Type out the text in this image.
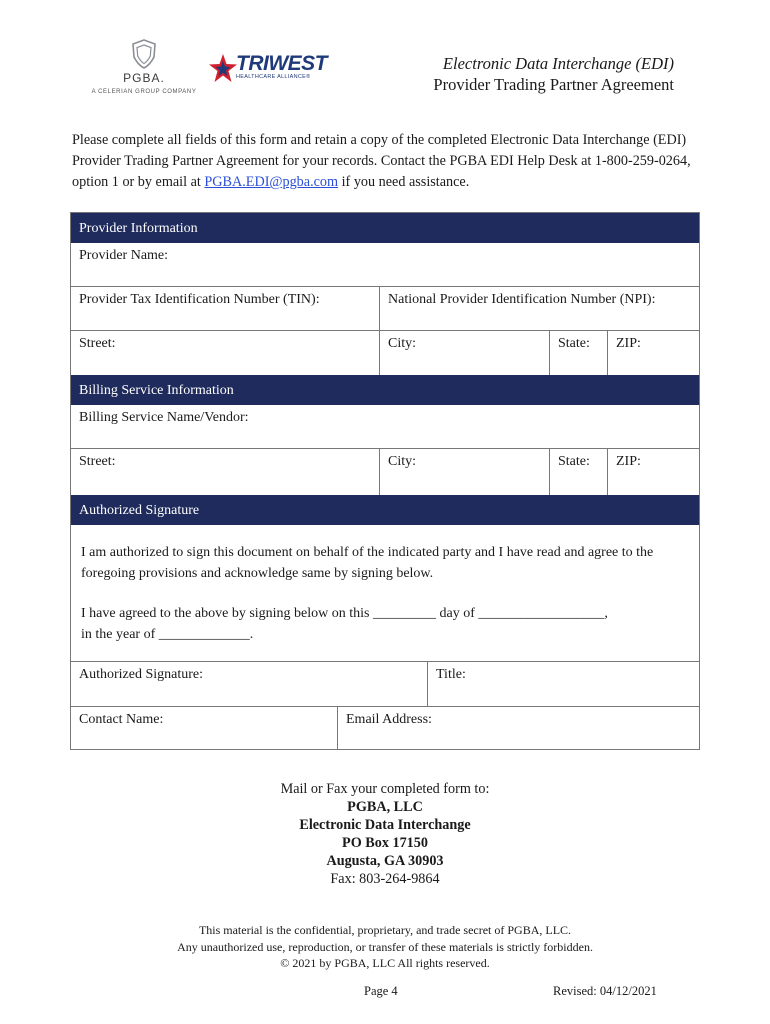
PGBA.
A CELERIAN GROUP COMPANY
TRIWEST
HEALTHCARE ALLIANCE®
Electronic Data Interchange (EDI)
Provider Trading Partner Agreement
Please complete all fields of this form and retain a copy of the completed Electronic Data Interchange (EDI) Provider Trading Partner Agreement for your records. Contact the PGBA EDI Help Desk at 1-800-259-0264, option 1 or by email at PGBA.EDI@pgba.com if you need assistance.
Provider Information
Provider Name:
Provider Tax Identification Number (TIN):	National Provider Identification Number (NPI):
Street:	City:	State:	ZIP:
Billing Service Information
Billing Service Name/Vendor:
Street:	City:	State:	ZIP:
Authorized Signature

I am authorized to sign this document on behalf of the indicated party and I have read and agree to the foregoing provisions and acknowledge same by signing below.

I have agreed to the above by signing below on this _________ day of __________________,
in the year of _____________.

Authorized Signature:	Title:
Contact Name:	Email Address:
Mail or Fax your completed form to:
PGBA, LLC
Electronic Data Interchange
PO Box 17150
Augusta, GA 30903
Fax: 803-264-9864
This material is the confidential, proprietary, and trade secret of PGBA, LLC.
Any unauthorized use, reproduction, or transfer of these materials is strictly forbidden.
© 2021 by PGBA, LLC All rights reserved.
Page 4	Revised: 04/12/2021
